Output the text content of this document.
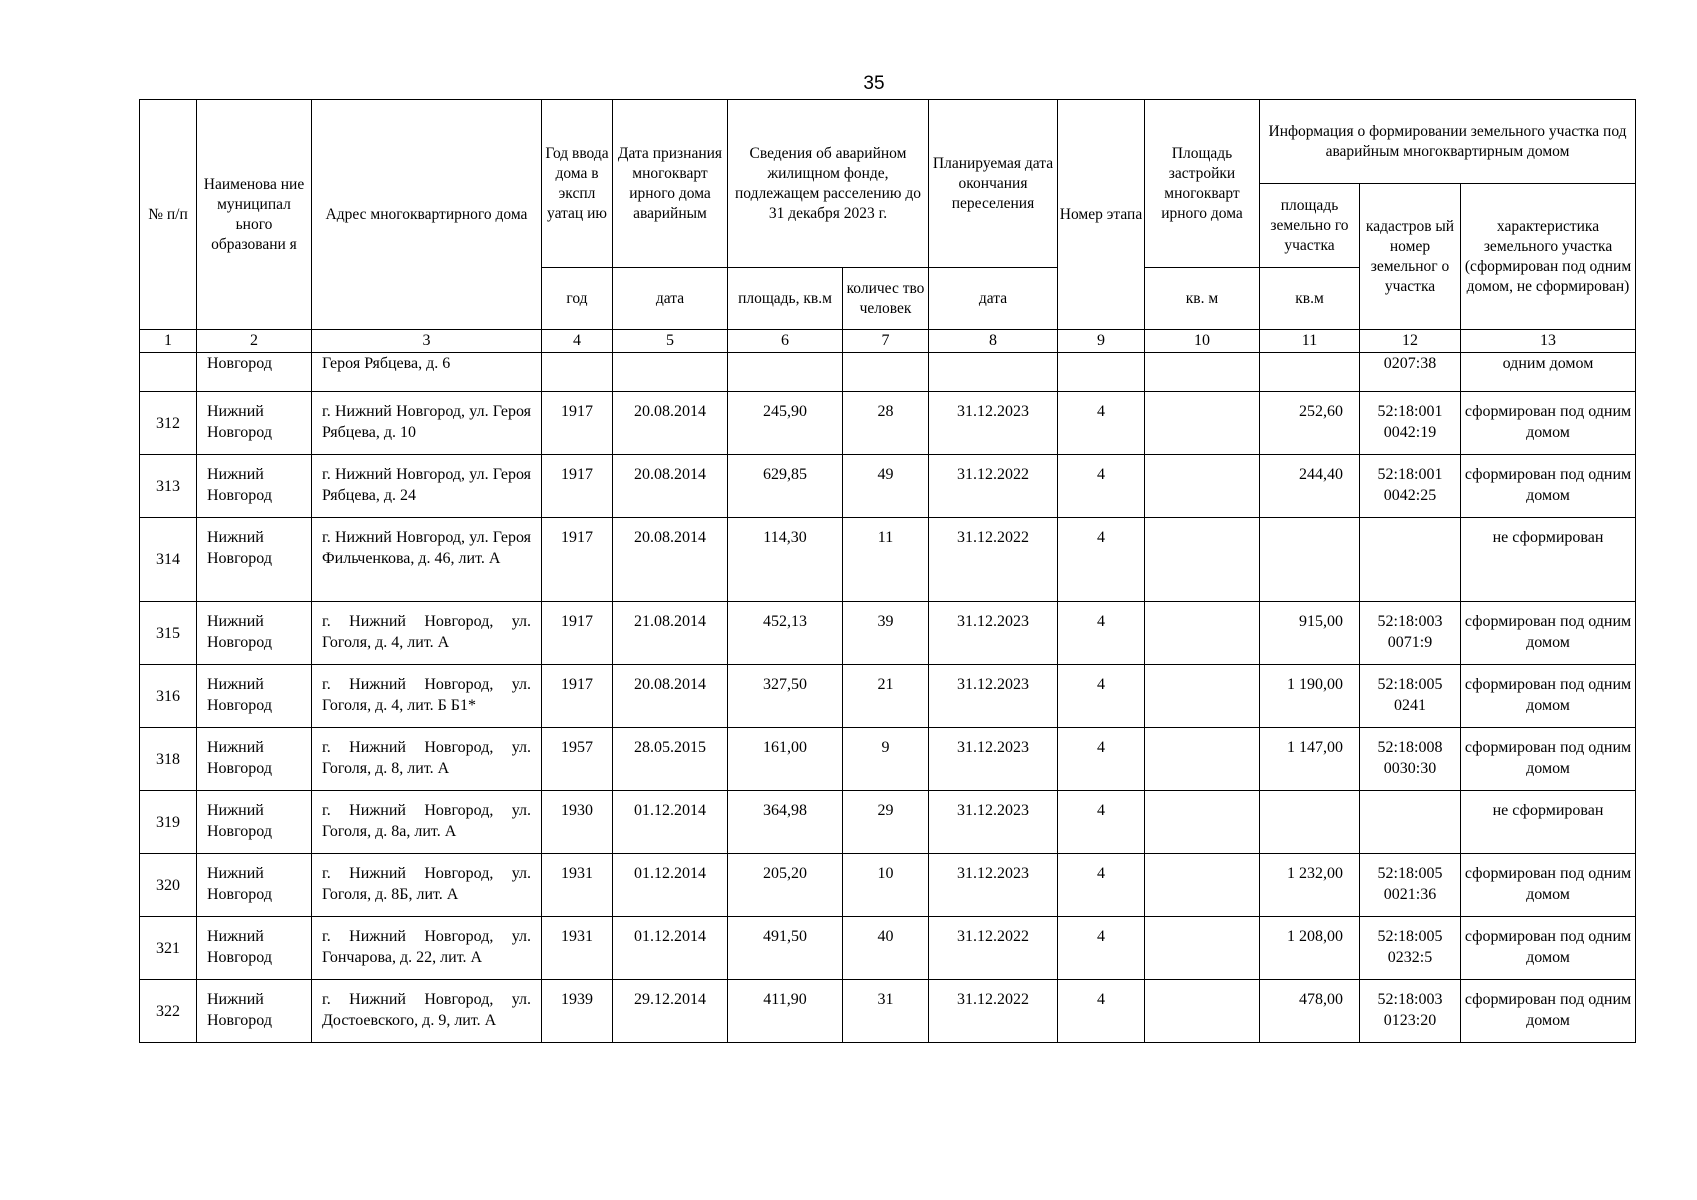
35
№ п/п	Наименова ние муниципал ьного образовани я	Адрес многоквартирного дома	Год ввода дома в экспл уатац ию	Дата признания многокварт ирного дома аварийным	Сведения об аварийном жилищном фонде, подлежащем расселению до 31 декабря 2023 г.		Планируемая дата окончания переселения	Номер этапа	Площадь застройки многокварт ирного дома	Информация о формировании земельного участка под аварийным многоквартирным домом		
										площадь земельно го участка	кадастров ый номер земельног о участка	характеристика земельного участка (сформирован под одним домом, не сформирован)
			год	дата	площадь, кв.м	количес тво человек	дата		кв. м	кв.м		
1	2	3	4	5	6	7	8	9	10	11	12	13
	Новгород	Героя Рябцева, д. 6									0207:38	одним домом
312	Нижний Новгород	г. Нижний Новгород, ул. Героя Рябцева, д. 10	1917	20.08.2014	245,90	28	31.12.2023	4		252,60	52:18:001 0042:19	сформирован под одним домом
313	Нижний Новгород	г. Нижний Новгород, ул. Героя Рябцева, д. 24	1917	20.08.2014	629,85	49	31.12.2022	4		244,40	52:18:001 0042:25	сформирован под одним домом
314	Нижний Новгород	г. Нижний Новгород, ул. Героя Фильченкова, д. 46, лит. А	1917	20.08.2014	114,30	11	31.12.2022	4				не сформирован
315	Нижний Новгород	г. Нижний Новгород, ул. Гоголя, д. 4, лит. А	1917	21.08.2014	452,13	39	31.12.2023	4		915,00	52:18:003 0071:9	сформирован под одним домом
316	Нижний Новгород	г. Нижний Новгород, ул. Гоголя, д. 4, лит. Б Б1*	1917	20.08.2014	327,50	21	31.12.2023	4		1 190,00	52:18:005 0241	сформирован под одним домом
318	Нижний Новгород	г. Нижний Новгород, ул. Гоголя, д. 8, лит. А	1957	28.05.2015	161,00	9	31.12.2023	4		1 147,00	52:18:008 0030:30	сформирован под одним домом
319	Нижний Новгород	г. Нижний Новгород, ул. Гоголя, д. 8а, лит. А	1930	01.12.2014	364,98	29	31.12.2023	4				не сформирован
320	Нижний Новгород	г. Нижний Новгород, ул. Гоголя, д. 8Б, лит. А	1931	01.12.2014	205,20	10	31.12.2023	4		1 232,00	52:18:005 0021:36	сформирован под одним домом
321	Нижний Новгород	г. Нижний Новгород, ул. Гончарова, д. 22, лит. А	1931	01.12.2014	491,50	40	31.12.2022	4		1 208,00	52:18:005 0232:5	сформирован под одним домом
322	Нижний Новгород	г. Нижний Новгород, ул. Достоевского, д. 9, лит. А	1939	29.12.2014	411,90	31	31.12.2022	4		478,00	52:18:003 0123:20	сформирован под одним домом
